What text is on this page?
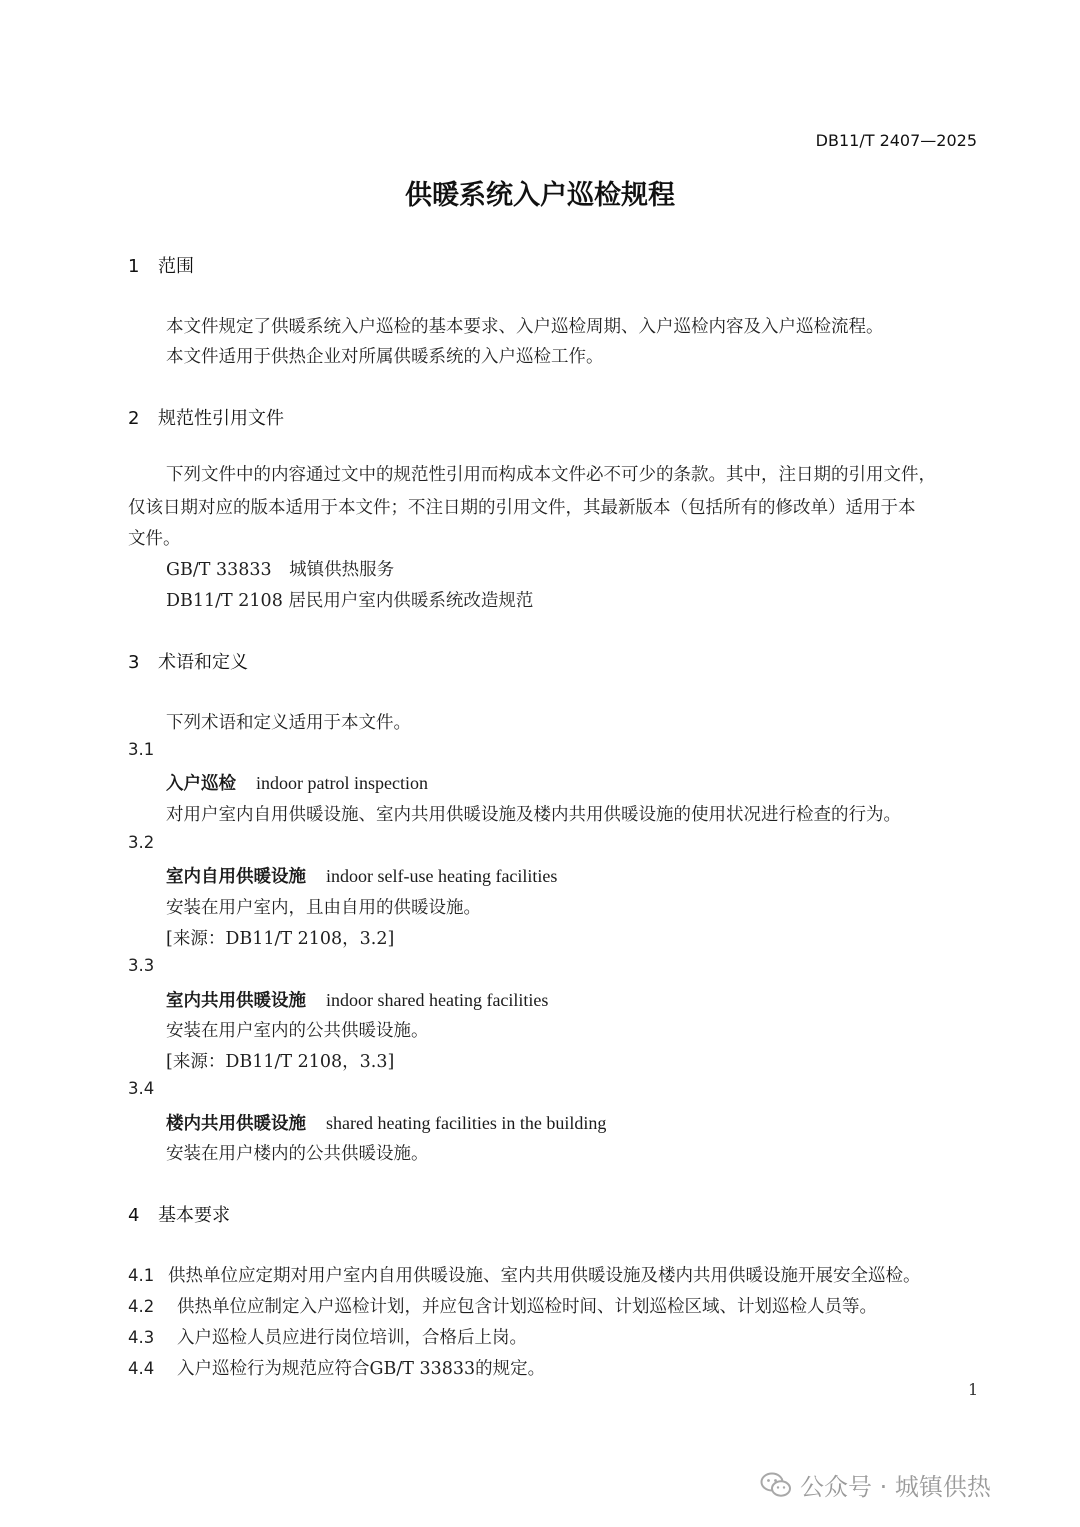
DB11/T 2407—2025
供暖系统入户巡检规程
1 范围
本文件规定了供暖系统入户巡检的基本要求、入户巡检周期、入户巡检内容及入户巡检流程。
本文件适用于供热企业对所属供暖系统的入户巡检工作。
2 规范性引用文件
下列文件中的内容通过文中的规范性引用而构成本文件必不可少的条款。其中，注日期的引用文件，
仅该日期对应的版本适用于本文件；不注日期的引用文件，其最新版本（包括所有的修改单）适用于本
文件。
GB/T 33833　城镇供热服务
DB11/T 2108 居民用户室内供暖系统改造规范
3 术语和定义
下列术语和定义适用于本文件。
3.1
入户巡检 indoor patrol inspection
对用户室内自用供暖设施、室内共用供暖设施及楼内共用供暖设施的使用状况进行检查的行为。
3.2
室内自用供暖设施 indoor self-use heating facilities
安装在用户室内，且由自用的供暖设施。
[来源：DB11/T 2108，3.2]
3.3
室内共用供暖设施 indoor shared heating facilities
安装在用户室内的公共供暖设施。
[来源：DB11/T 2108，3.3]
3.4
楼内共用供暖设施 shared heating facilities in the building
安装在用户楼内的公共供暖设施。
4 基本要求
4.1 供热单位应定期对用户室内自用供暖设施、室内共用供暖设施及楼内共用供暖设施开展安全巡检。
4.2 供热单位应制定入户巡检计划，并应包含计划巡检时间、计划巡检区域、计划巡检人员等。
4.3 入户巡检人员应进行岗位培训，合格后上岗。
4.4 入户巡检行为规范应符合GB/T 33833的规定。
1
公众号 · 城镇供热
